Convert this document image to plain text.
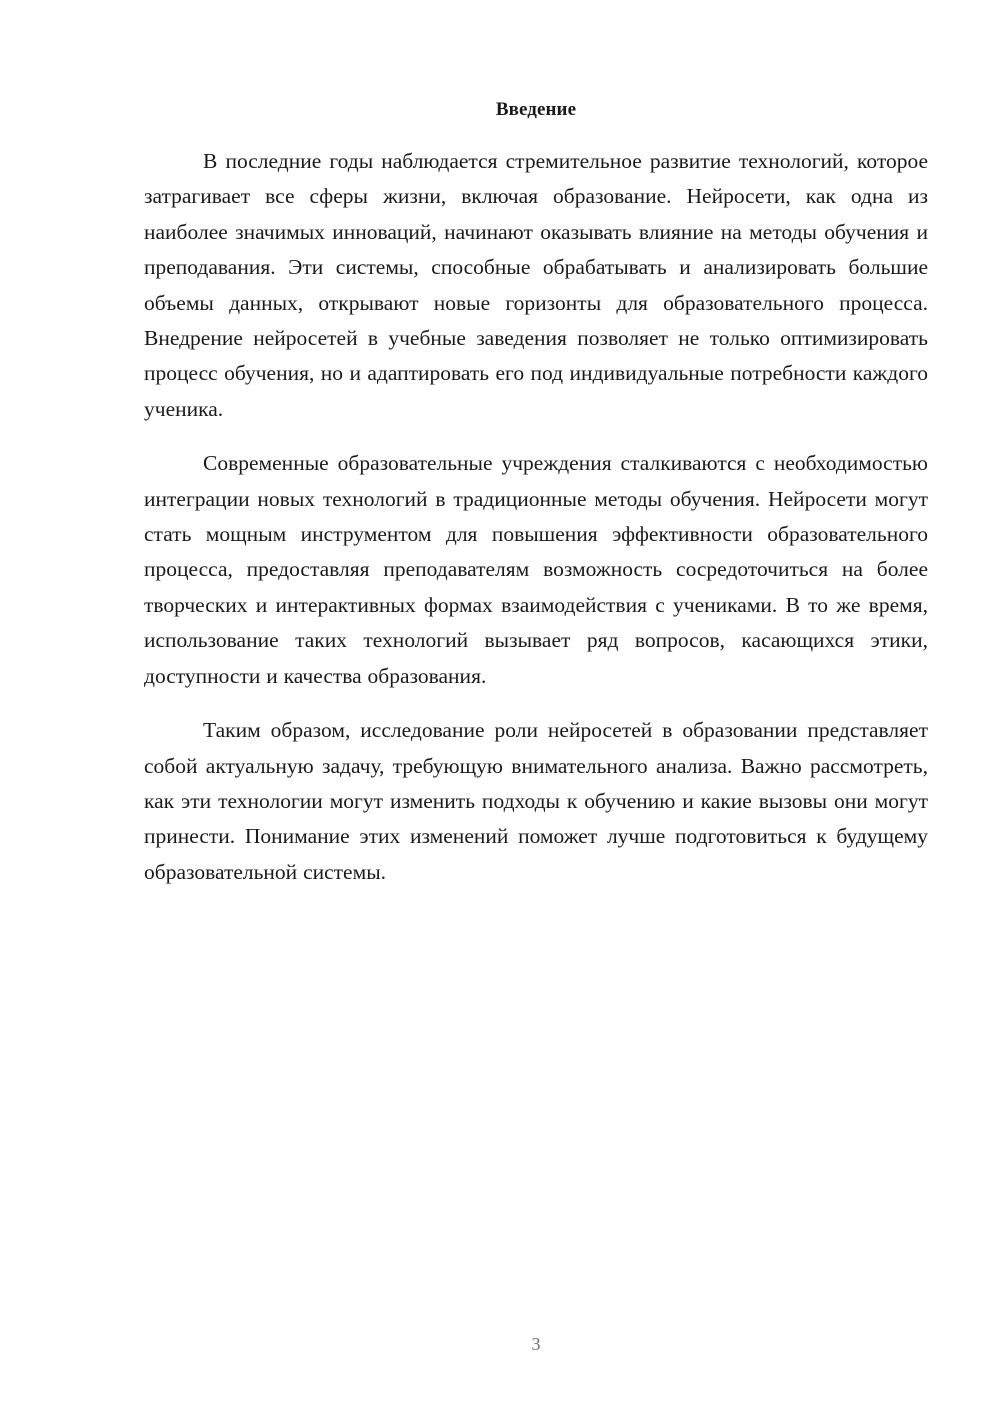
Введение

В последние годы наблюдается стремительное развитие технологий, которое затрагивает все сферы жизни, включая образование. Нейросети, как одна из наиболее значимых инноваций, начинают оказывать влияние на методы обучения и преподавания. Эти системы, способные обрабатывать и анализировать большие объемы данных, открывают новые горизонты для образовательного процесса. Внедрение нейросетей в учебные заведения позволяет не только оптимизировать процесс обучения, но и адаптировать его под индивидуальные потребности каждого ученика.

Современные образовательные учреждения сталкиваются с необходимостью интеграции новых технологий в традиционные методы обучения. Нейросети могут стать мощным инструментом для повышения эффективности образовательного процесса, предоставляя преподавателям возможность сосредоточиться на более творческих и интерактивных формах взаимодействия с учениками. В то же время, использование таких технологий вызывает ряд вопросов, касающихся этики, доступности и качества образования.

Таким образом, исследование роли нейросетей в образовании представляет собой актуальную задачу, требующую внимательного анализа. Важно рассмотреть, как эти технологии могут изменить подходы к обучению и какие вызовы они могут принести. Понимание этих изменений поможет лучше подготовиться к будущему образовательной системы.

3
